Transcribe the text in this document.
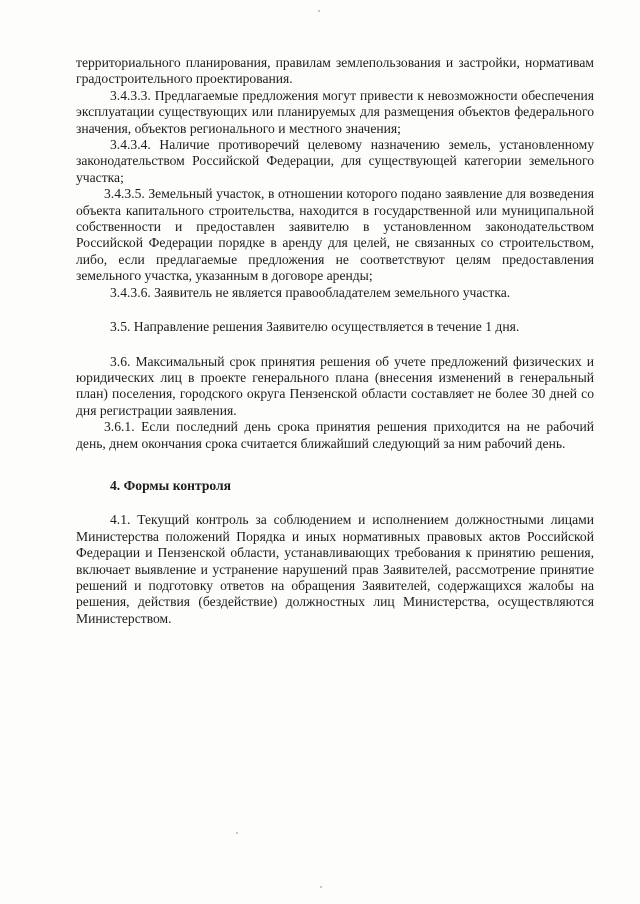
территориального планирования, правилам землепользования и застройки, нормативам градостроительного проектирования.

3.4.3.3. Предлагаемые предложения могут привести к невозможности обеспечения эксплуатации существующих или планируемых для размещения объектов федерального значения, объектов регионального и местного значения;

3.4.3.4. Наличие противоречий целевому назначению земель, установленному законодательством Российской Федерации, для существующей категории земельного участка;

3.4.3.5. Земельный участок, в отношении которого подано заявление для возведения объекта капитального строительства, находится в государственной или муниципальной собственности и предоставлен заявителю в установленном законодательством Российской Федерации порядке в аренду для целей, не связанных со строительством, либо, если предлагаемые предложения не соответствуют целям предоставления земельного участка, указанным в договоре аренды;

3.4.3.6. Заявитель не является правообладателем земельного участка.

3.5. Направление решения Заявителю осуществляется в течение 1 дня.

3.6. Максимальный срок принятия решения об учете предложений физических и юридических лиц в проекте генерального плана (внесения изменений в генеральный план) поселения, городского округа Пензенской области составляет не более 30 дней со дня регистрации заявления.

3.6.1. Если последний день срока принятия решения приходится на не рабочий день, днем окончания срока считается ближайший следующий за ним рабочий день.

4. Формы контроля

4.1. Текущий контроль за соблюдением и исполнением должностными лицами Министерства положений Порядка и иных нормативных правовых актов Российской Федерации и Пензенской области, устанавливающих требования к принятию решения, включает выявление и устранение нарушений прав Заявителей, рассмотрение принятие решений и подготовку ответов на обращения Заявителей, содержащихся жалобы на решения, действия (бездействие) должностных лиц Министерства, осуществляются Министерством.
